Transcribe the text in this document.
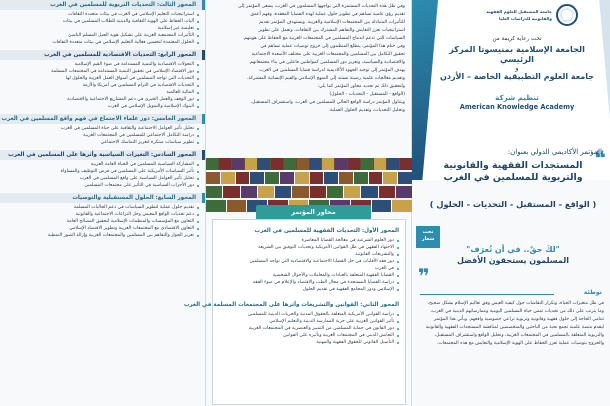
المحور الثالث: التحديات التربوية للمسلمين في الغرب
استراتيجيات التعليم الإسلامي في الغرب في بيئات متعددة الثقافات
آليات الحفاظ على الهوية الثقافية والدينية للطلاب المسلمين في بيئات
تعليمية غير إسلامية
التأثيرات المجتمعية الغربية على تشكيل هوية الجيل المسلم الناشئ
الحلول المعتمدة لتحسين فعالية التعليم الإسلامي في بيئات متعددة الثقافات
المحور الرابع: التحديات الاقتصادية للمسلمين في الغرب
التحولات الاقتصادية والتنمية المستدامة في ضوء القيم الإسلامية
دور الاقتصاد الإسلامي في تحقيق التنمية المستدامة في المجتمعات المسلمة
التحديات التي تواجه المسلمين في أسواق العمل الغربية والحلول لها
التحديات الاقتصادية في التزام المسلمين في أمريكا والأزمة
المالية العالمية
دور الوقف والعمل الخيري في دعم المشاريع الاجتماعية والاقتصادية
البنوك الإسلامية والتمويل الإسلامي في الغرب
المحور الخامس: دور علماء الاجتماع في فهم واقع المسلمين في الغرب
تحليل تأثير العوامل الاجتماعية والثقافية على حياة المسلمين في الغرب
دراسة التكامل الاجتماعي للمسلمين في المجتمعات الغربية
تطوير سياسات مبتكرة لتعزيز التماسك الاجتماعي
المحور السادس: التغيرات السياسية وأثرها على المسلمين في الغرب
المشاركة السياسية للمسلمين في الحياة العامة الغربية
تأثير السياسات الأمريكية على المسلمين في فرص التوظيف والمساواة
تحليل تأثير العوامل السياسية على واقع المسلمين في الغرب
دور الأحزاب السياسية في التأثير على مجتمعات المسلمين
المحور السابع: الحلول المستقبلية والتوصيات
تقديم حلول عملية لتطوير السياسات في دعم الجاليات المسلمة
دعم تحديات الواقع المعيش وحل النزاعات الاجتماعية والقانونية
التعاون مع المؤسسات والمنظمات الإسلامية لتحقيق المصالح العامة
التعاون الاقتصادي مع المجتمعات الغربية وتطوير الاقتصاد الإسلامي
تعزيز الحوار والتفاهم بين المسلمين والمجتمعات الغربية وإزالة الصور النمطية

وفي ظل هذه التحديات المستمرة التي يواجهها المسلمون في الغرب، يسعى المؤتمر إلى

تقديم رؤى علمية تساهم في تطوير حلول عملية لهذه القضايا المعقدة، وفهم أعمق

للتأثيرات المتبادلة بين المجتمعات الإسلامية والغربية. ويستهدف المؤتمر تقديم

استراتيجيات تعزز التعايش والتفاهم المشترك بين الثقافات، وتعمل على تطوير

السياسات التي تدعم اندماج المسلمين في المجتمعات الغربية مع الحفاظ على هويتهم.

وفي ختام هذا المؤتمر، يتطلع المنظمون إلى خروج توصيات عملية تساهم في

تحقيق التكامل بين المسلمين والمجتمعات الغربية على مختلف الأصعدة الاجتماعية

والاقتصادية والسياسية، وتعزيز دور المسلمين كمواطنين فاعلين في بناء مجتمعاتهم.

يهدف المؤتمر إلى توحيد الجهود الأكاديمية لدراسة قضايا المسلمين في الغرب

وتقديم معالجات علمية رصينة تستند إلى المنهج الإسلامي والقيم الإنسانية المشتركة.

ولتحقيق ذلك تم تحديد محاور المؤتمر كما يلي:

(الواقع - المستقبل - التحديات - الحلول)

ويتناول المؤتمر دراسة الواقع الحالي للمسلمين في الغرب، واستشراف المستقبل،

وتحليل التحديات، وتقديم الحلول العملية.

محاور المؤتمر
المحور الأول: التحديات الفقهية للمسلمين في الغرب
دور العلوم الشرعية في معالجة القضايا المعاصرة
الاجتهاد الفقهي في ظل القوانين الأمريكية وتحديات التوفيق بين الشريعة
والتشريعات القانونية
دور فقه الأقليات في حل القضايا الاجتماعية والاقتصادية التي تواجه المسلمين
في الغرب
القضايا الفقهية المتعلقة بالعبادات والمعاملات والأحوال الشخصية
دراسة القضايا المستجدة في مجال الطب والاقتصاد والإعلام في ضوء الفقه
الإسلامي ودور المجامع الفقهية في تقديم الحلول
المحور الثاني: القوانين والتشريعات وأثرها على المجتمعات المسلمة في الغرب
دراسة القوانين الأمريكية المتعلقة بالحقوق المدنية والحريات الدينية للمسلمين
تأثير القوانين الغربية على حرية الممارسة الدينية والتعليم الإسلامي
دور القانون في حماية المسلمين من التمييز والعنصرية في المجتمعات الغربية
التعايش الديني في المجتمعات الغربية وتأثيره على القوانين
التأصيل القانوني للحقوق الفقهية والمهنية
جامعة المستقبل للعلوم الفقهية
والقانونية للدراسات العليا
تحت رعاية كريمة من
الجامعة الإسلامية بمنيسوتا المركز الرئيسي
و
جامعة العلوم التطبيقية الخاصة – الأردن
تنظيم شركة
American Knowledge Academy
❝
المؤتمر الأكاديمي الدولي بعنوان:
المستجدات الفقهية والقانونية والتربوية للمسلمين في الغرب
( الواقع - المستقبل - التحديات - الحلول )
تحت شعار
"لكَ حقٌ.. في أن تُعرَف"
المسلمون يستحقون الأفضل
❞
توطئة

في ظل متغيرات الحياة، وتكرار النقاشات حول كيفية العيش وفق تعاليم الإسلام بشكل صحيح،

وما يترتب على ذلك من تحديات تمس حياة المسلمين اليومية وممارساتهم الدينية في الغرب،

تتنامى الحاجة إلى حلول فقهية وقانونية وتربوية تراعي خصوصية واقعهم. ويأتي هذا المؤتمر

ليقدم منصة علمية تجمع نخبة من الباحثين والمتخصصين لمناقشة المستجدات الفقهية والقانونية

والتربوية المتعلقة بالمسلمين في المجتمعات الغربية، وتحليل الواقع واستشراف المستقبل،

والخروج بتوصيات عملية تعزز الحفاظ على الهوية الإسلامية والتعايش مع هذه المجتمعات.
